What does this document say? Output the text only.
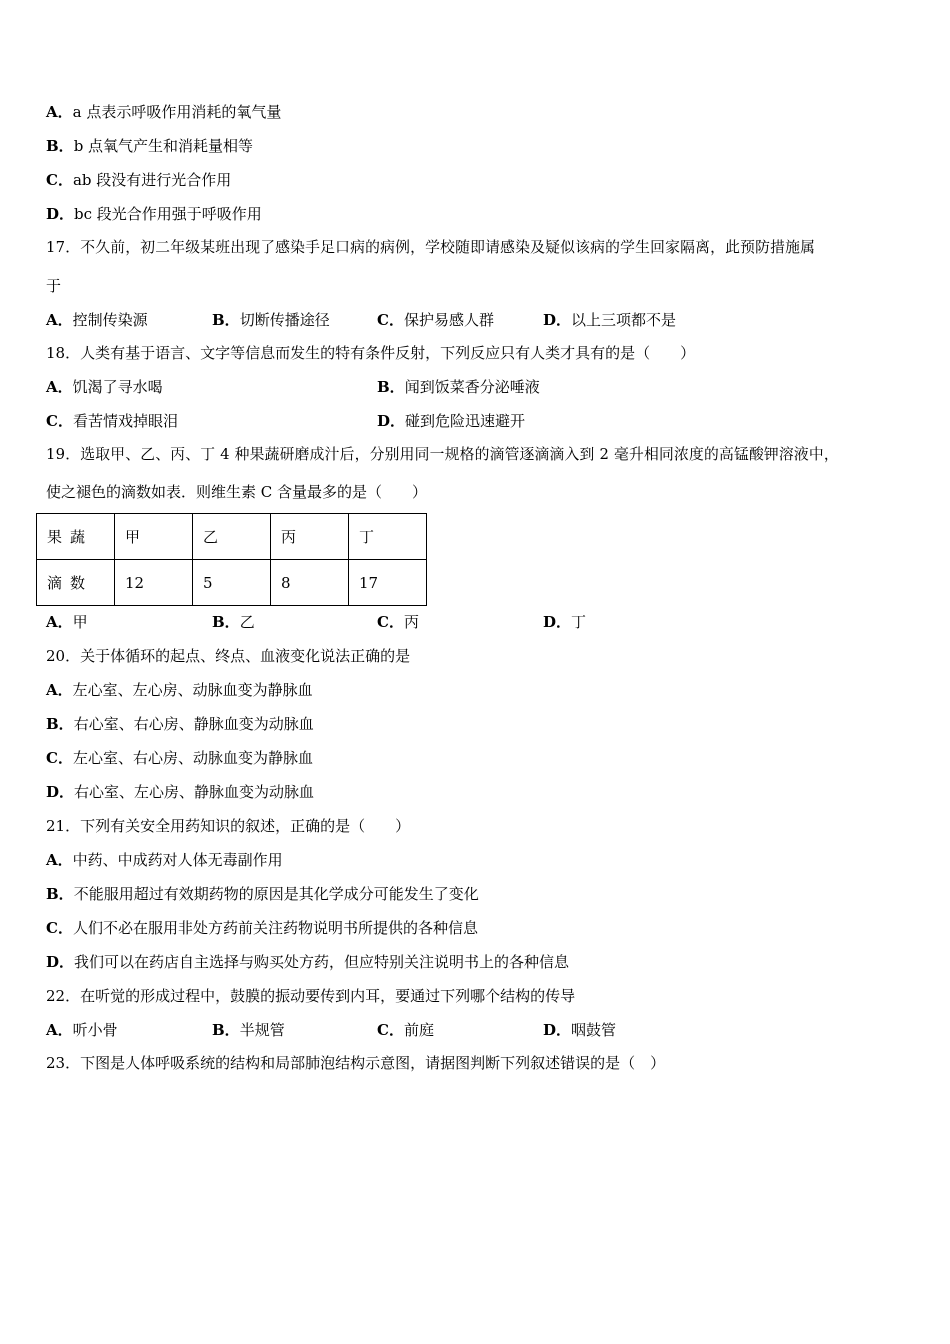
A．a 点表示呼吸作用消耗的氧气量
B．b 点氧气产生和消耗量相等
C．ab 段没有进行光合作用
D．bc 段光合作用强于呼吸作用
17．不久前，初二年级某班出现了感染手足口病的病例，学校随即请感染及疑似该病的学生回家隔离，此预防措施属
于
A．控制传染源	B．切断传播途径	C．保护易感人群	D．以上三项都不是
18．人类有基于语言、文字等信息而发生的特有条件反射，下列反应只有人类才具有的是（　　）
A．饥渴了寻水喝	B．闻到饭菜香分泌唾液
C．看苦情戏掉眼泪	D．碰到危险迅速避开
19．选取甲、乙、丙、丁 4 种果蔬研磨成汁后，分别用同一规格的滴管逐滴滴入到 2 毫升相同浓度的高锰酸钾溶液中，
使之褪色的滴数如表．则维生素 C 含量最多的是（　　）
果蔬	甲	乙	丙	丁
滴数	12	5	8	17
A．甲	B．乙	C．丙	D．丁
20．关于体循环的起点、终点、血液变化说法正确的是
A．左心室、左心房、动脉血变为静脉血
B．右心室、右心房、静脉血变为动脉血
C．左心室、右心房、动脉血变为静脉血
D．右心室、左心房、静脉血变为动脉血
21．下列有关安全用药知识的叙述，正确的是（　　）
A．中药、中成药对人体无毒副作用
B．不能服用超过有效期药物的原因是其化学成分可能发生了变化
C．人们不必在服用非处方药前关注药物说明书所提供的各种信息
D．我们可以在药店自主选择与购买处方药，但应特别关注说明书上的各种信息
22．在听觉的形成过程中，鼓膜的振动要传到内耳，要通过下列哪个结构的传导
A．听小骨	B．半规管	C．前庭	D．咽鼓管
23．下图是人体呼吸系统的结构和局部肺泡结构示意图，请据图判断下列叙述错误的是（　）
